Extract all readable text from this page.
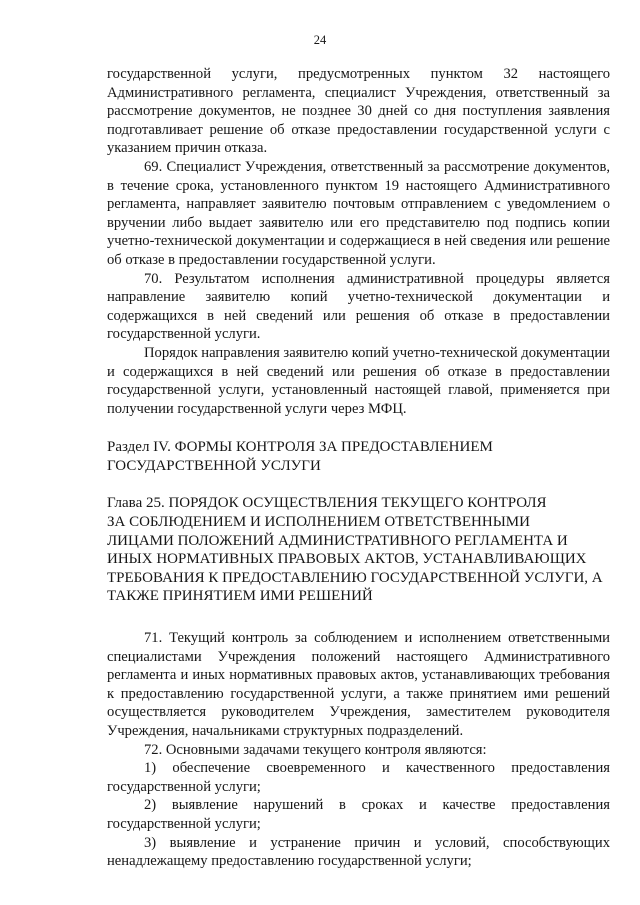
24

государственной услуги, предусмотренных пунктом 32 настоящего Административного регламента, специалист Учреждения, ответственный за рассмотрение документов, не позднее 30 дней со дня поступления заявления подготавливает решение об отказе предоставлении государственной услуги с указанием причин отказа.

69. Специалист Учреждения, ответственный за рассмотрение документов, в течение срока, установленного пунктом 19 настоящего Административного регламента, направляет заявителю почтовым отправлением с уведомлением о вручении либо выдает заявителю или его представителю под подпись копии учетно-технической документации и содержащиеся в ней сведения или решение об отказе в предоставлении государственной услуги.

70. Результатом исполнения административной процедуры является направление заявителю копий учетно-технической документации и содержащихся в ней сведений или решения об отказе в предоставлении государственной услуги.

Порядок направления заявителю копий учетно-технической документации и содержащихся в ней сведений или решения об отказе в предоставлении государственной услуги, установленный настоящей главой, применяется при получении государственной услуги через МФЦ.

Раздел IV. ФОРМЫ КОНТРОЛЯ ЗА ПРЕДОСТАВЛЕНИЕМ
ГОСУДАРСТВЕННОЙ УСЛУГИ

Глава 25. ПОРЯДОК ОСУЩЕСТВЛЕНИЯ ТЕКУЩЕГО КОНТРОЛЯ
ЗА СОБЛЮДЕНИЕМ И ИСПОЛНЕНИЕМ ОТВЕТСТВЕННЫМИ
ЛИЦАМИ ПОЛОЖЕНИЙ АДМИНИСТРАТИВНОГО РЕГЛАМЕНТА И
ИНЫХ НОРМАТИВНЫХ ПРАВОВЫХ АКТОВ, УСТАНАВЛИВАЮЩИХ
ТРЕБОВАНИЯ К ПРЕДОСТАВЛЕНИЮ ГОСУДАРСТВЕННОЙ УСЛУГИ, А
ТАКЖЕ ПРИНЯТИЕМ ИМИ РЕШЕНИЙ

71. Текущий контроль за соблюдением и исполнением ответственными специалистами Учреждения положений настоящего Административного регламента и иных нормативных правовых актов, устанавливающих требования к предоставлению государственной услуги, а также принятием ими решений осуществляется руководителем Учреждения, заместителем руководителя Учреждения, начальниками структурных подразделений.

72. Основными задачами текущего контроля являются:

1) обеспечение своевременного и качественного предоставления государственной услуги;

2) выявление нарушений в сроках и качестве предоставления государственной услуги;

3) выявление и устранение причин и условий, способствующих ненадлежащему предоставлению государственной услуги;
